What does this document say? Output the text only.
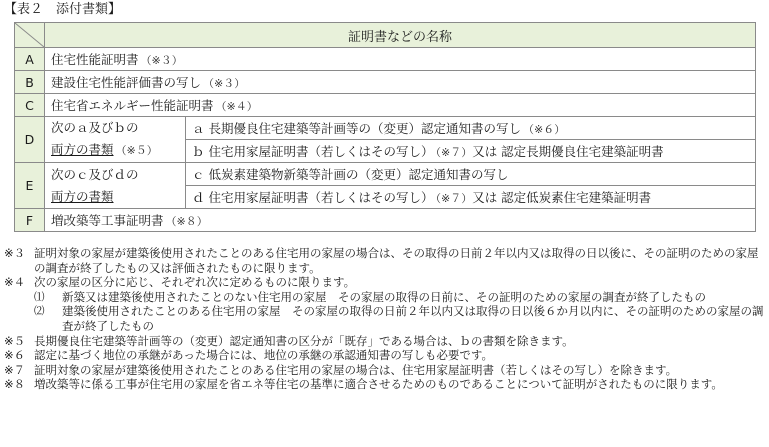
【表２　添付書類】
	証明書などの名称	
A	住宅性能証明書 （※３）	
B	建設住宅性能評価書の写し （※３）	
C	住宅省エネルギー性能証明書 （※４）	
D	次のａ及びｂの
両方の書類 （※５）	ａ 長期優良住宅建築等計画等の（変更）認定通知書の写し （※６）
		ｂ 住宅用家屋証明書（若しくはその写し） （※７）又は 認定長期優良住宅建築証明書
E	次のｃ及びｄの
両方の書類	ｃ 低炭素建築物新築等計画の（変更）認定通知書の写し
		ｄ 住宅用家屋証明書（若しくはその写し） （※７）又は 認定低炭素住宅建築証明書
F	増改築等工事証明書 （※８）	
※３ 証明対象の家屋が建築後使用されたことのある住宅用の家屋の場合は、その取得の日前２年以内又は取得の日以後に、その証明のための家屋の調査が終了したもの又は評価されたものに限ります。
※４ 次の家屋の区分に応じ、それぞれ次に定めるものに限ります。
⑴	新築又は建築後使用されたことのない住宅用の家屋　その家屋の取得の日前に、その証明のための家屋の調査が終了したもの
⑵	建築後使用されたことのある住宅用の家屋　その家屋の取得の日前２年以内又は取得の日以後６か月以内に、その証明のための家屋の調査が終了したもの
※５ 長期優良住宅建築等計画等の（変更）認定通知書の区分が「既存」である場合は、ｂの書類を除きます。
※６ 認定に基づく地位の承継があった場合には、地位の承継の承認通知書の写しも必要です。
※７ 証明対象の家屋が建築後使用されたことのある住宅用の家屋の場合は、住宅用家屋証明書（若しくはその写し）を除きます。
※８ 増改築等に係る工事が住宅用の家屋を省エネ等住宅の基準に適合させるためのものであることについて証明がされたものに限ります。
